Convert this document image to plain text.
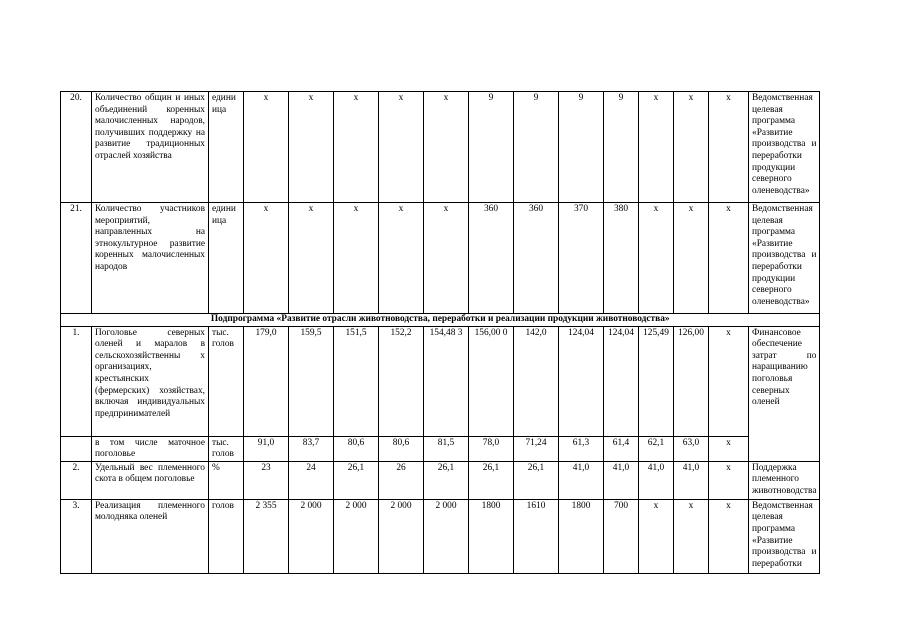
20.	Количество общин и иных объединений коренных малочисленных народов, получивших поддержку на развитие традиционных отраслей хозяйства	едини ица	x	x	x	x	x	9	9	9	9	x	x	x	Ведомственная целевая программа «Развитие производства и переработки продукции северного оленеводства»
21.	Количество участников мероприятий, направленных на этнокультурное развитие коренных малочисленных народов	едини ица	x	x	x	x	x	360	360	370	380	x	x	x	Ведомственная целевая программа «Развитие производства и переработки продукции северного оленеводства»
Подпрограмма «Развитие отрасли животноводства, переработки и реализации продукции животноводства»															
1.	Поголовье северных оленей и маралов в сельскохозяйственны х организациях, крестьянских (фермерских) хозяйствах, включая индивидуальных предпринимателей	тыс. голов	179,0	159,5	151,5	152,2	154,48 3	156,00 0	142,0	124,04	124,04	125,49	126,00	x	Финансовое обеспечение затрат по наращиванию поголовья северных оленей
	в том числе маточное поголовье	тыс. голов	91,0	83,7	80,6	80,6	81,5	78,0	71,24	61,3	61,4	62,1	63,0	x	
2.	Удельный вес племенного скота в общем поголовье	%	23	24	26,1	26	26,1	26,1	26,1	41,0	41,0	41,0	41,0	x	Поддержка племенного животноводства
3.	Реализация племенного молодняка оленей	голов	2 355	2 000	2 000	2 000	2 000	1800	1610	1800	700	x	x	x	Ведомственная целевая программа «Развитие производства и переработки
